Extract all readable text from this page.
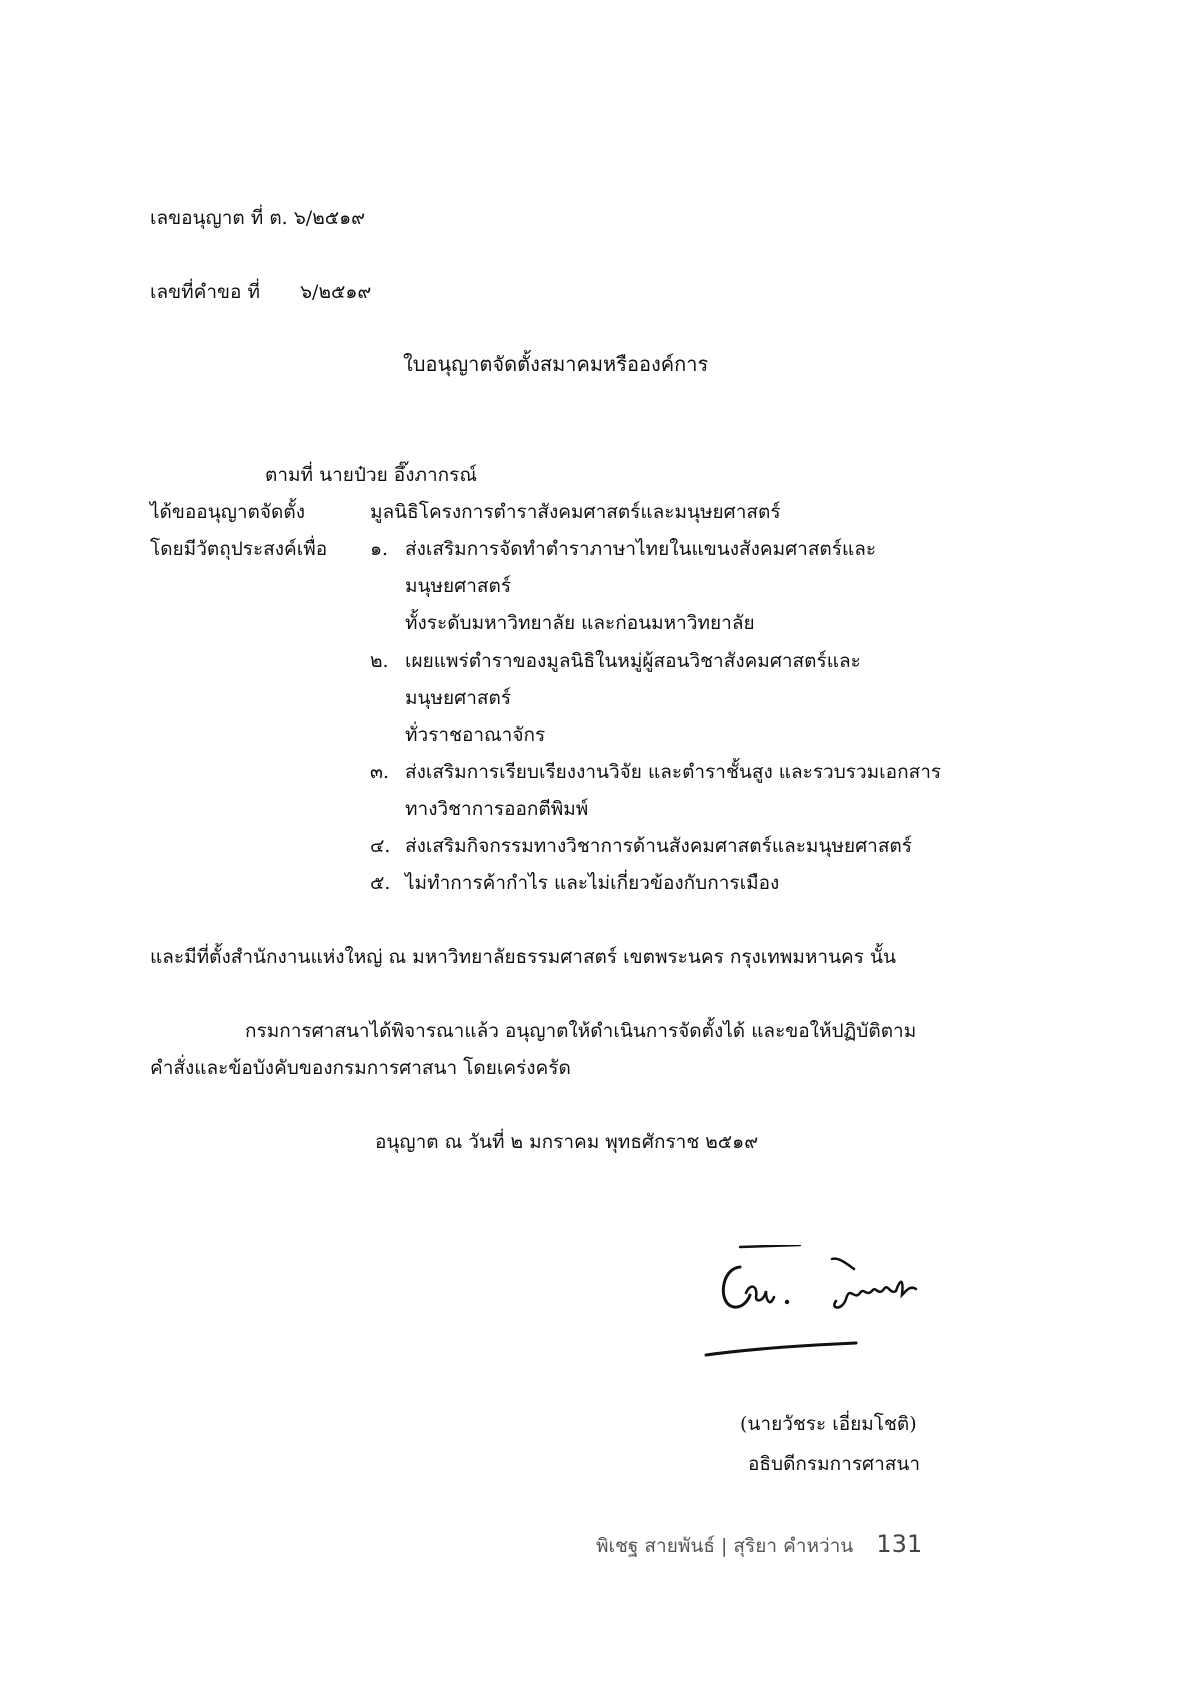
เลขอนุญาต ที่ ต. ๖/๒๕๑๙
เลขที่คำขอ ที่ ๖/๒๕๑๙
ใบอนุญาตจัดตั้งสมาคมหรือองค์การ
ตามที่ นายป๋วย อึ๊งภากรณ์
ได้ขออนุญาตจัดตั้ง	มูลนิธิโครงการตำราสังคมศาสตร์และมนุษยศาสตร์
โดยมีวัตถุประสงค์เพื่อ ๑. ส่งเสริมการจัดทำตำราภาษาไทยในแขนงสังคมศาสตร์และ
มนุษยศาสตร์
ทั้งระดับมหาวิทยาลัย และก่อนมหาวิทยาลัย
๒. เผยแพร่ตำราของมูลนิธิในหมู่ผู้สอนวิชาสังคมศาสตร์และ
มนุษยศาสตร์
ทั่วราชอาณาจักร
๓. ส่งเสริมการเรียบเรียงงานวิจัย และตำราชั้นสูง และรวบรวมเอกสาร
ทางวิชาการออกตีพิมพ์
๔. ส่งเสริมกิจกรรมทางวิชาการด้านสังคมศาสตร์และมนุษยศาสตร์
๕. ไม่ทำการค้ากำไร และไม่เกี่ยวข้องกับการเมือง
และมีที่ตั้งสำนักงานแห่งใหญ่ ณ มหาวิทยาลัยธรรมศาสตร์ เขตพระนคร กรุงเทพมหานคร นั้น
กรมการศาสนาได้พิจารณาแล้ว อนุญาตให้ดำเนินการจัดตั้งได้ และขอให้ปฏิบัติตาม
คำสั่งและข้อบังคับของกรมการศาสนา โดยเคร่งครัด
อนุญาต ณ วันที่ ๒ มกราคม พุทธศักราช ๒๕๑๙
(นายวัชระ เอี่ยมโชติ)
อธิบดีกรมการศาสนา
พิเชฐ สายพันธ์ | สุริยา คำหว่าน 131
